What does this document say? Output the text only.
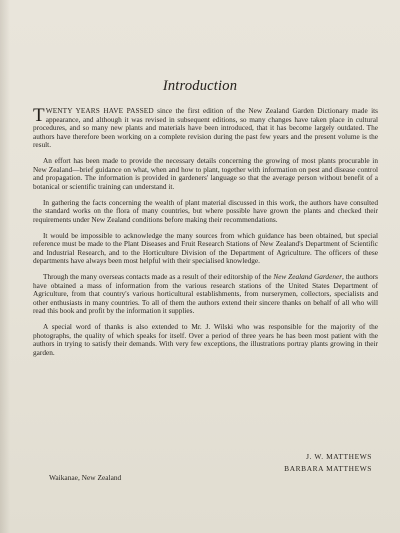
Introduction

TWENTY YEARS HAVE PASSED since the first edition of the New Zealand Garden Dictionary made its appearance, and although it was revised in subsequent editions, so many changes have taken place in cultural procedures, and so many new plants and materials have been introduced, that it has become largely outdated. The authors have therefore been working on a complete revision during the past few years and the present volume is the result.

An effort has been made to provide the necessary details concerning the growing of most plants procurable in New Zealand—brief guidance on what, when and how to plant, together with information on pest and disease control and propagation. The information is provided in gardeners' language so that the average person without benefit of a botanical or scientific training can understand it.

In gathering the facts concerning the wealth of plant material discussed in this work, the authors have consulted the standard works on the flora of many countries, but where possible have grown the plants and checked their requirements under New Zealand conditions before making their recommendations.

It would be impossible to acknowledge the many sources from which guidance has been obtained, but special reference must be made to the Plant Diseases and Fruit Research Stations of New Zealand's Department of Scientific and Industrial Research, and to the Horticulture Division of the Department of Agriculture. The officers of these departments have always been most helpful with their specialised knowledge.

Through the many overseas contacts made as a result of their editorship of the New Zealand Gardener, the authors have obtained a mass of information from the various research stations of the United States Department of Agriculture, from that country's various horticultural establishments, from nurserymen, collectors, specialists and other enthusiasts in many countries. To all of them the authors extend their sincere thanks on behalf of all who will read this book and profit by the information it supplies.

A special word of thanks is also extended to Mr. J. Wilski who was responsible for the majority of the photographs, the quality of which speaks for itself. Over a period of three years he has been most patient with the authors in trying to satisfy their demands. With very few exceptions, the illustrations portray plants growing in their garden.

J. W. MATTHEWS
BARBARA MATTHEWS
Waikanae, New Zealand
